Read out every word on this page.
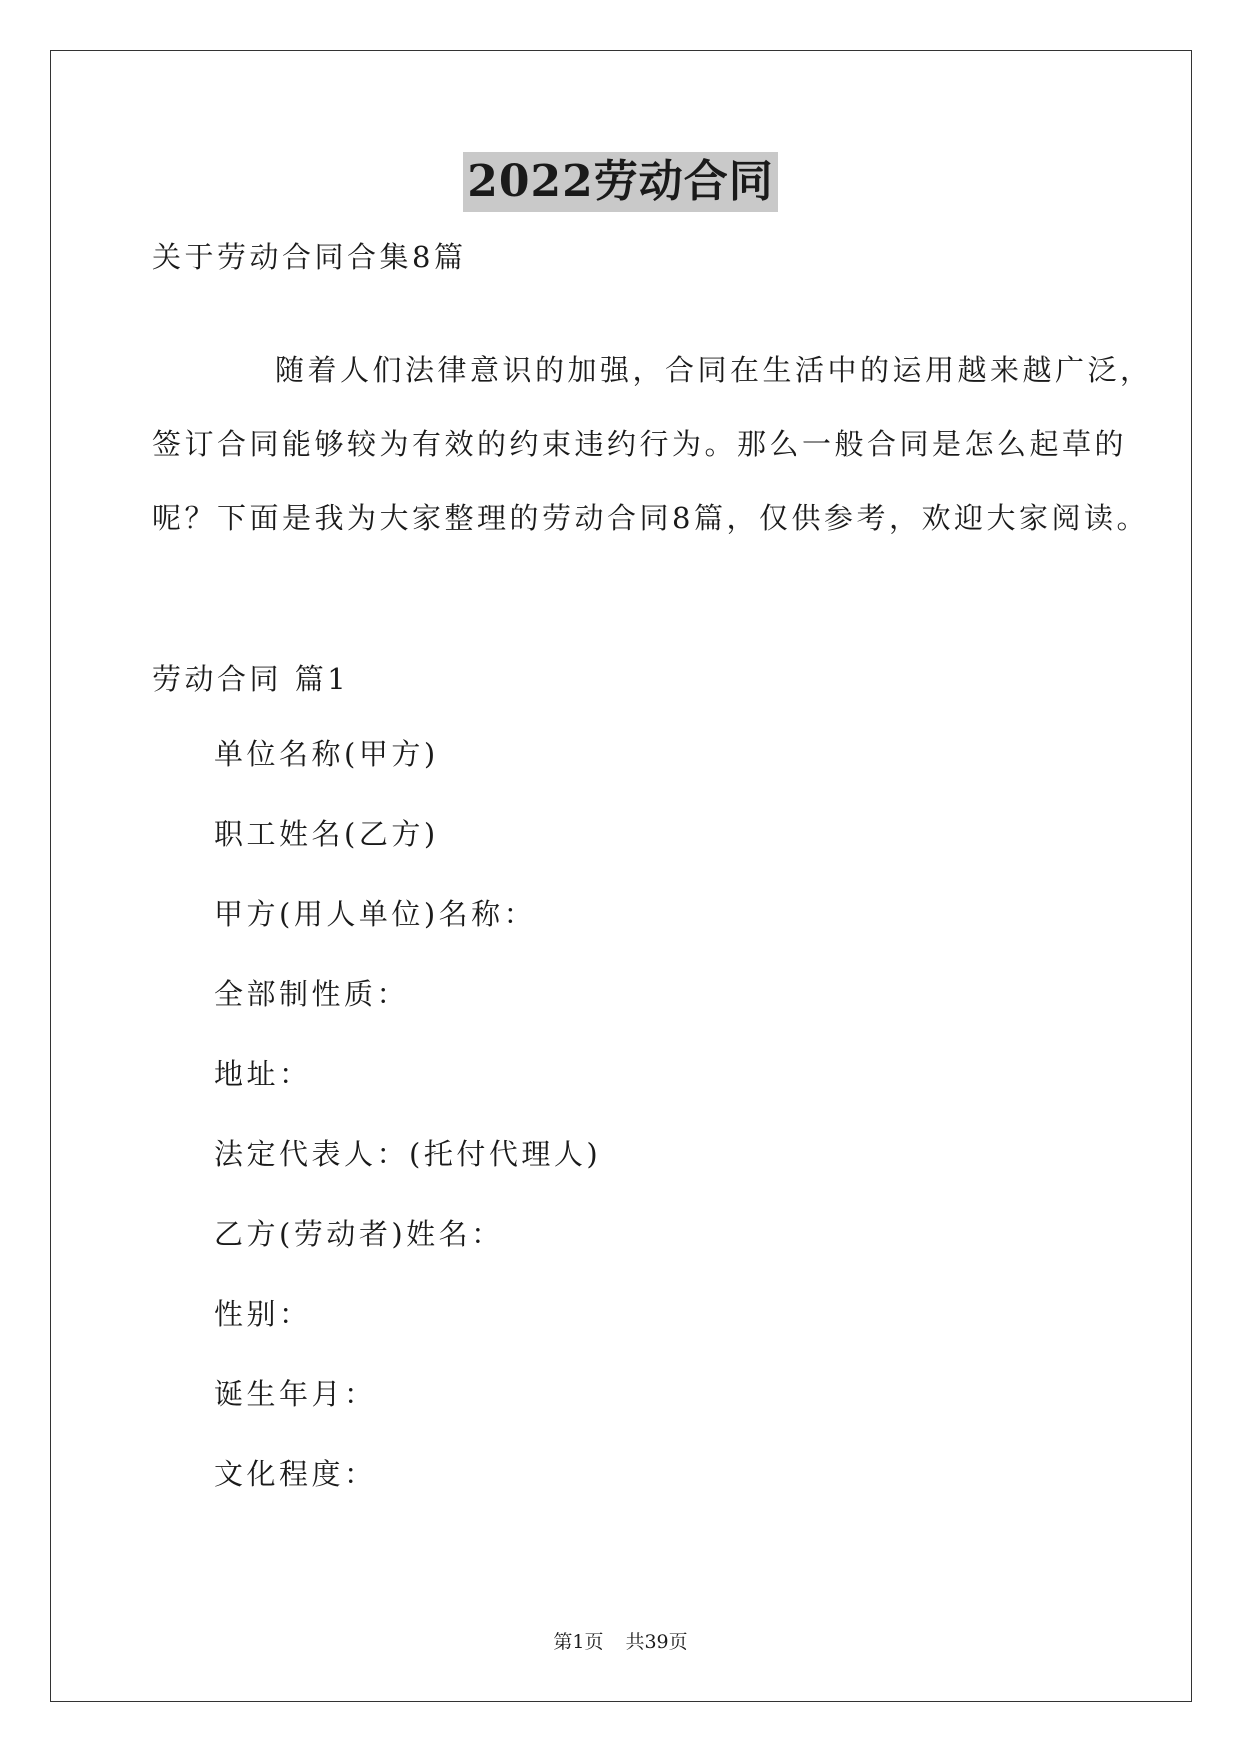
2022劳动合同
关于劳动合同合集8篇
随着人们法律意识的加强，合同在生活中的运用越来越广泛，
签订合同能够较为有效的约束违约行为。那么一般合同是怎么起草的
呢？下面是我为大家整理的劳动合同8篇，仅供参考，欢迎大家阅读。
劳动合同 篇1
单位名称(甲方)
职工姓名(乙方)
甲方(用人单位)名称：
全部制性质：
地址：
法定代表人：(托付代理人)
乙方(劳动者)姓名：
性别：
诞生年月：
文化程度：
第1页 共39页
